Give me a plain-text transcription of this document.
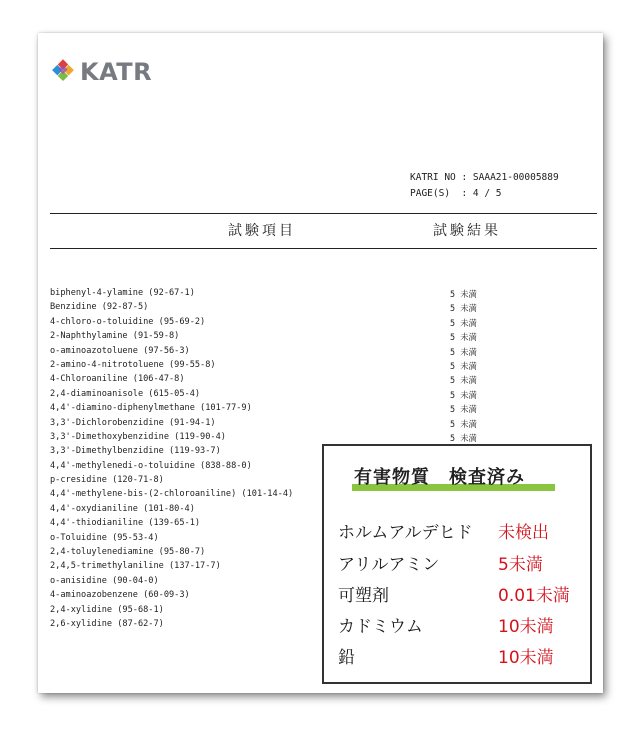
KATR
KATRI NO : SAAA21-00005889
PAGE(S)  : 4 / 5
試験項目	試験結果
biphenyl-4-ylamine (92-67-1)	5 未満
Benzidine (92-87-5)	5 未満
4-chloro-o-toluidine (95-69-2)	5 未満
2-Naphthylamine (91-59-8)	5 未満
o-aminoazotoluene (97-56-3)	5 未満
2-amino-4-nitrotoluene (99-55-8)	5 未満
4-Chloroaniline (106-47-8)	5 未満
2,4-diaminoanisole (615-05-4)	5 未満
4,4'-diamino-diphenylmethane (101-77-9)	5 未満
3,3'-Dichlorobenzidine (91-94-1)	5 未満
3,3'-Dimethoxybenzidine (119-90-4)	5 未満
3,3'-Dimethylbenzidine (119-93-7)
4,4'-methylenedi-o-toluidine (838-88-0)
p-cresidine (120-71-8)
4,4'-methylene-bis-(2-chloroaniline) (101-14-4)
4,4'-oxydianiline (101-80-4)
4,4'-thiodianiline (139-65-1)
o-Toluidine (95-53-4)
2,4-toluylenediamine (95-80-7)
2,4,5-trimethylaniline (137-17-7)
o-anisidine (90-04-0)
4-aminoazobenzene (60-09-3)
2,4-xylidine (95-68-1)
2,6-xylidine (87-62-7)
有害物質　検査済み
ホルムアルデヒド 未検出
アリルアミン	5未満
可塑剤	0.01未満
カドミウム	10未満
鉛	10未満
